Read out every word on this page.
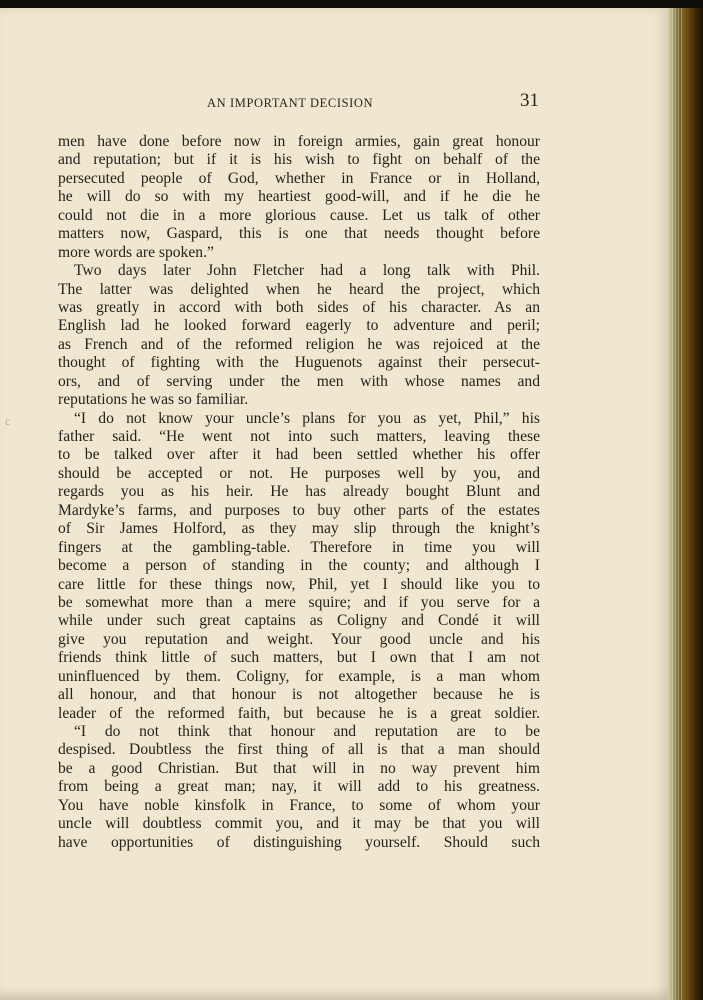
AN IMPORTANT DECISION	31
c
men have done before now in foreign armies, gain great honour
and reputation; but if it is his wish to fight on behalf of the
persecuted people of God, whether in France or in Holland,
he will do so with my heartiest good-will, and if he die he
could not die in a more glorious cause. Let us talk of other
matters now, Gaspard, this is one that needs thought before
more words are spoken.”
Two days later John Fletcher had a long talk with Phil.
The latter was delighted when he heard the project, which
was greatly in accord with both sides of his character. As an
English lad he looked forward eagerly to adventure and peril;
as French and of the reformed religion he was rejoiced at the
thought of fighting with the Huguenots against their persecut-
ors, and of serving under the men with whose names and
reputations he was so familiar.
“I do not know your uncle’s plans for you as yet, Phil,” his
father said. “He went not into such matters, leaving these
to be talked over after it had been settled whether his offer
should be accepted or not. He purposes well by you, and
regards you as his heir. He has already bought Blunt and
Mardyke’s farms, and purposes to buy other parts of the estates
of Sir James Holford, as they may slip through the knight’s
fingers at the gambling-table. Therefore in time you will
become a person of standing in the county; and although I
care little for these things now, Phil, yet I should like you to
be somewhat more than a mere squire; and if you serve for a
while under such great captains as Coligny and Condé it will
give you reputation and weight. Your good uncle and his
friends think little of such matters, but I own that I am not
uninfluenced by them. Coligny, for example, is a man whom
all honour, and that honour is not altogether because he is
leader of the reformed faith, but because he is a great soldier.
“I do not think that honour and reputation are to be
despised. Doubtless the first thing of all is that a man should
be a good Christian. But that will in no way prevent him
from being a great man; nay, it will add to his greatness.
You have noble kinsfolk in France, to some of whom your
uncle will doubtless commit you, and it may be that you will
have opportunities of distinguishing yourself. Should such
